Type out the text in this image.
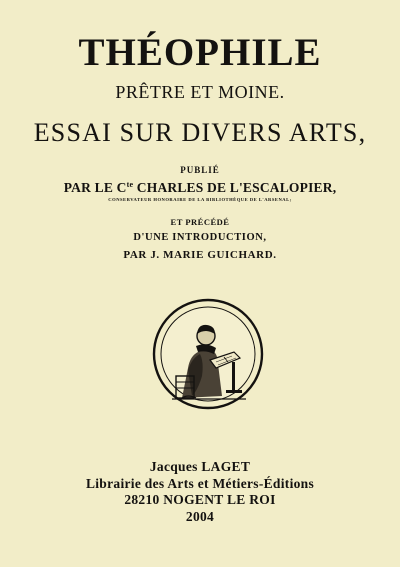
THÉOPHILE
PRÊTRE ET MOINE.
ESSAI SUR DIVERS ARTS,
PUBLIÉ
PAR LE $C^{te}$ CHARLES DE L'ESCALOPIER,
CONSERVATEUR HONORAIRE DE LA BIBLIOTHÈQUE DE L'ARSENAL;
ET PRÉCÉDÉ
D'UNE INTRODUCTION,
PAR J. MARIE GUICHARD.
Jacques LAGET
Librairie des Arts et Métiers-Éditions
28210 NOGENT LE ROI
2004
